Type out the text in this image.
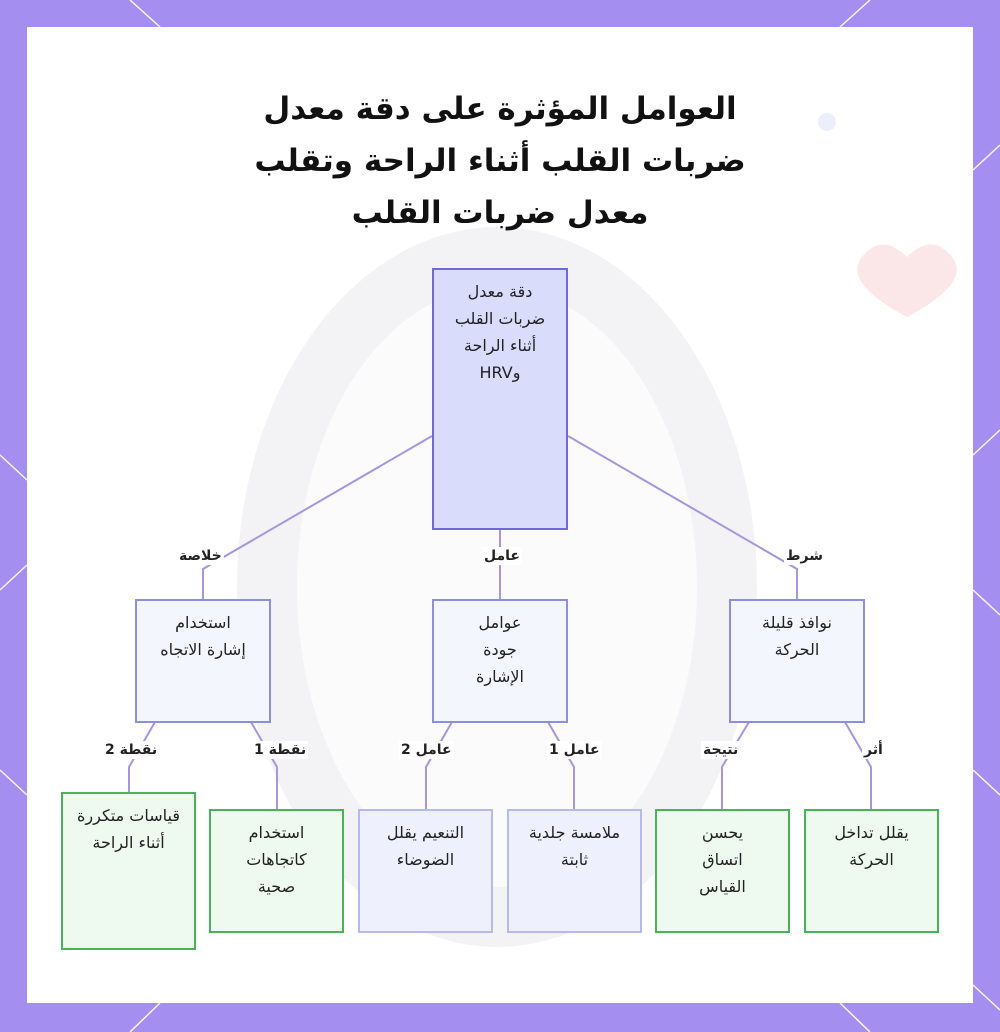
العوامل المؤثرة على دقة معدل ضربات القلب أثناء الراحة وتقلب معدل ضربات القلب
شرط
عامل
خلاصة
أثر
نتيجة
عامل 1
عامل 2
نقطة 1
نقطة 2
دقة معدل ضربات القلب أثناء الراحة وHRV
نوافذ قليلة الحركة
عوامل جودة الإشارة
استخدام إشارة الاتجاه
يقلل تداخل الحركة
يحسن اتساق القياس
ملامسة جلدية ثابتة
التنعيم يقلل الضوضاء
استخدام كاتجاهات صحية
قياسات متكررة أثناء الراحة
